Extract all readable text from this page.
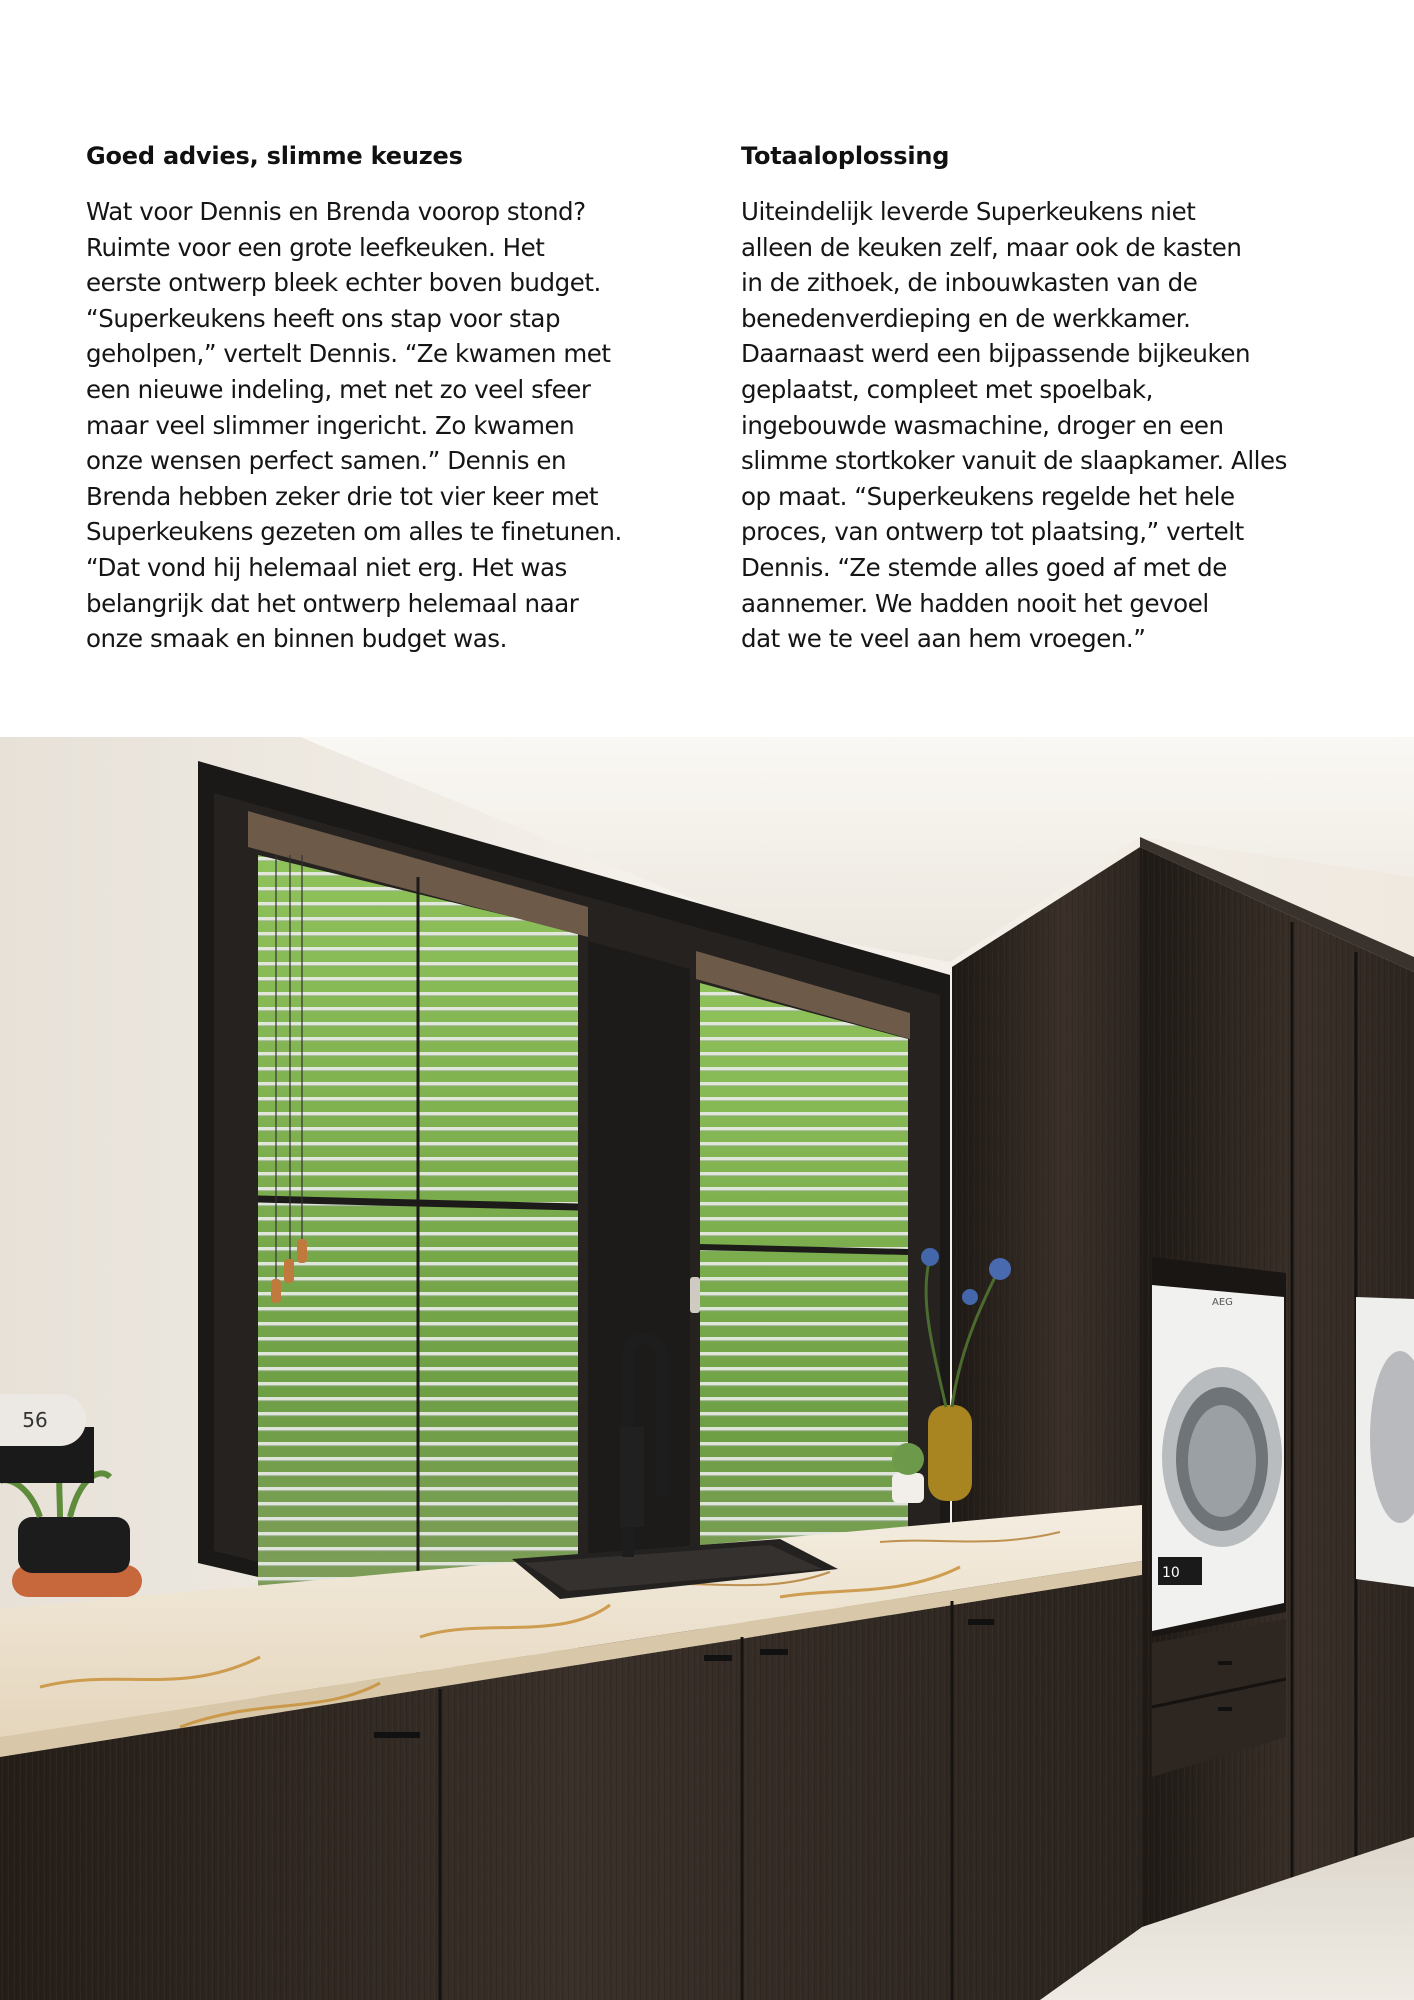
Goed advies, slimme keuzes

Wat voor Dennis en Brenda voorop stond?
Ruimte voor een grote leefkeuken. Het
eerste ontwerp bleek echter boven budget.
“Superkeukens heeft ons stap voor stap
geholpen,” vertelt Dennis. “Ze kwamen met
een nieuwe indeling, met net zo veel sfeer
maar veel slimmer ingericht. Zo kwamen
onze wensen perfect samen.” Dennis en
Brenda hebben zeker drie tot vier keer met
Superkeukens gezeten om alles te finetunen.
“Dat vond hij helemaal niet erg. Het was
belangrijk dat het ontwerp helemaal naar
onze smaak en binnen budget was.

Totaaloplossing

Uiteindelijk leverde Superkeukens niet
alleen de keuken zelf, maar ook de kasten
in de zithoek, de inbouwkasten van de
benedenverdieping en de werkkamer.
Daarnaast werd een bijpassende bijkeuken
geplaatst, compleet met spoelbak,
ingebouwde wasmachine, droger en een
slimme stortkoker vanuit de slaapkamer. Alles
op maat. “Superkeukens regelde het hele
proces, van ontwerp tot plaatsing,” vertelt
Dennis. “Ze stemde alles goed af met de
aannemer. We hadden nooit het gevoel
dat we te veel aan hem vroegen.”

10
AEG
56
